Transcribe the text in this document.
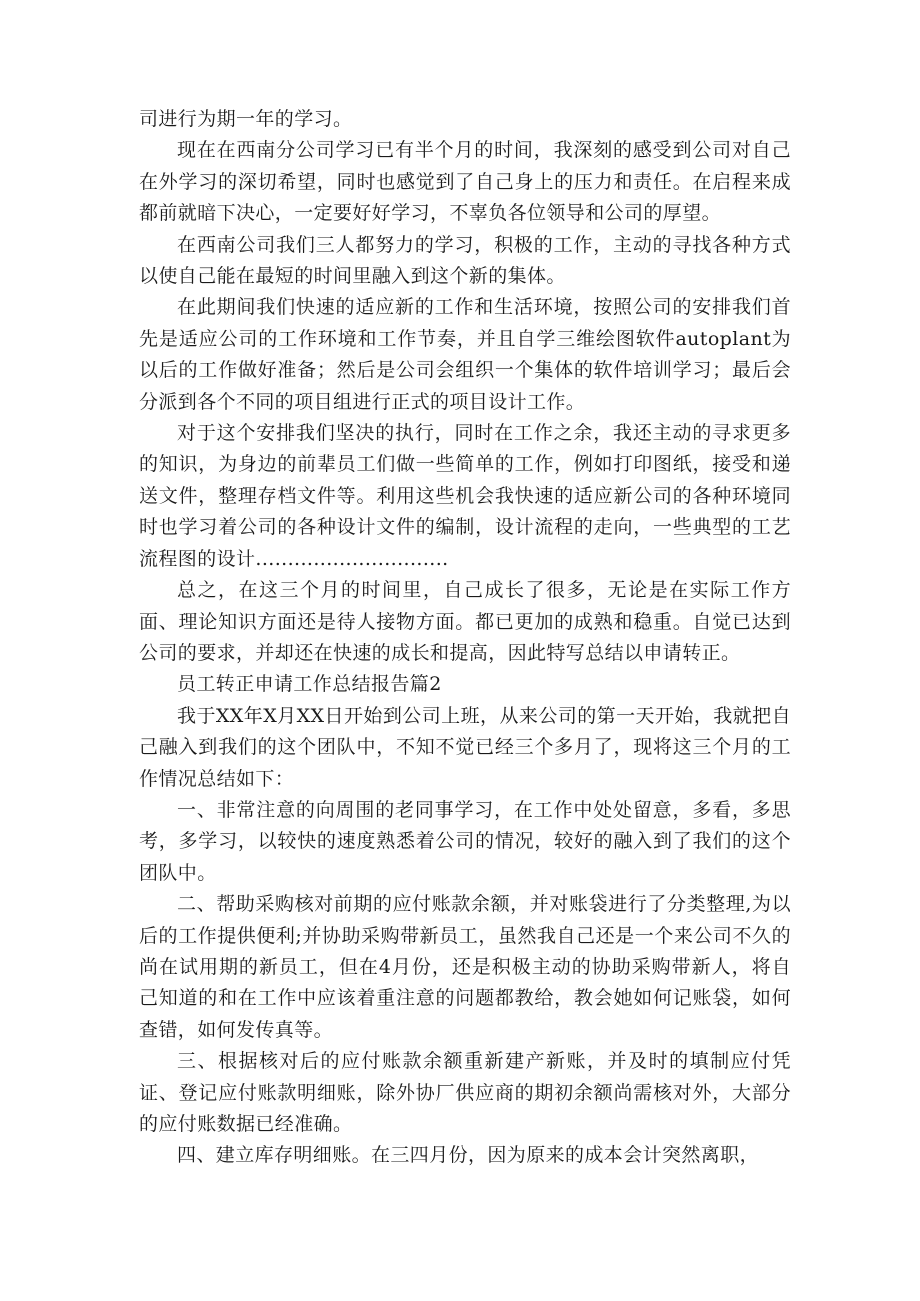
司进行为期一年的学习。

现在在西南分公司学习已有半个月的时间，我深刻的感受到公司对自己在外学习的深切希望，同时也感觉到了自己身上的压力和责任。在启程来成都前就暗下决心，一定要好好学习，不辜负各位领导和公司的厚望。

在西南公司我们三人都努力的学习，积极的工作，主动的寻找各种方式以使自己能在最短的时间里融入到这个新的集体。

在此期间我们快速的适应新的工作和生活环境，按照公司的安排我们首先是适应公司的工作环境和工作节奏，并且自学三维绘图软件autoplant为以后的工作做好准备；然后是公司会组织一个集体的软件培训学习；最后会分派到各个不同的项目组进行正式的项目设计工作。

对于这个安排我们坚决的执行，同时在工作之余，我还主动的寻求更多的知识，为身边的前辈员工们做一些简单的工作，例如打印图纸，接受和递送文件，整理存档文件等。利用这些机会我快速的适应新公司的各种环境同时也学习着公司的各种设计文件的编制，设计流程的走向，一些典型的工艺流程图的设计..............................

总之，在这三个月的时间里，自己成长了很多，无论是在实际工作方面、理论知识方面还是待人接物方面。都已更加的成熟和稳重。自觉已达到公司的要求，并却还在快速的成长和提高，因此特写总结以申请转正。

员工转正申请工作总结报告篇2

我于XX年X月XX日开始到公司上班，从来公司的第一天开始，我就把自己融入到我们的这个团队中，不知不觉已经三个多月了，现将这三个月的工作情况总结如下：

一、非常注意的向周围的老同事学习，在工作中处处留意，多看，多思考，多学习，以较快的速度熟悉着公司的情况，较好的融入到了我们的这个团队中。

二、帮助采购核对前期的应付账款余额，并对账袋进行了分类整理,为以后的工作提供便利;并协助采购带新员工，虽然我自己还是一个来公司不久的尚在试用期的新员工，但在4月份，还是积极主动的协助采购带新人，将自己知道的和在工作中应该着重注意的问题都教给，教会她如何记账袋，如何查错，如何发传真等。

三、根据核对后的应付账款余额重新建产新账，并及时的填制应付凭证、登记应付账款明细账，除外协厂供应商的期初余额尚需核对外，大部分的应付账数据已经准确。

四、建立库存明细账。在三四月份，因为原来的成本会计突然离职，
